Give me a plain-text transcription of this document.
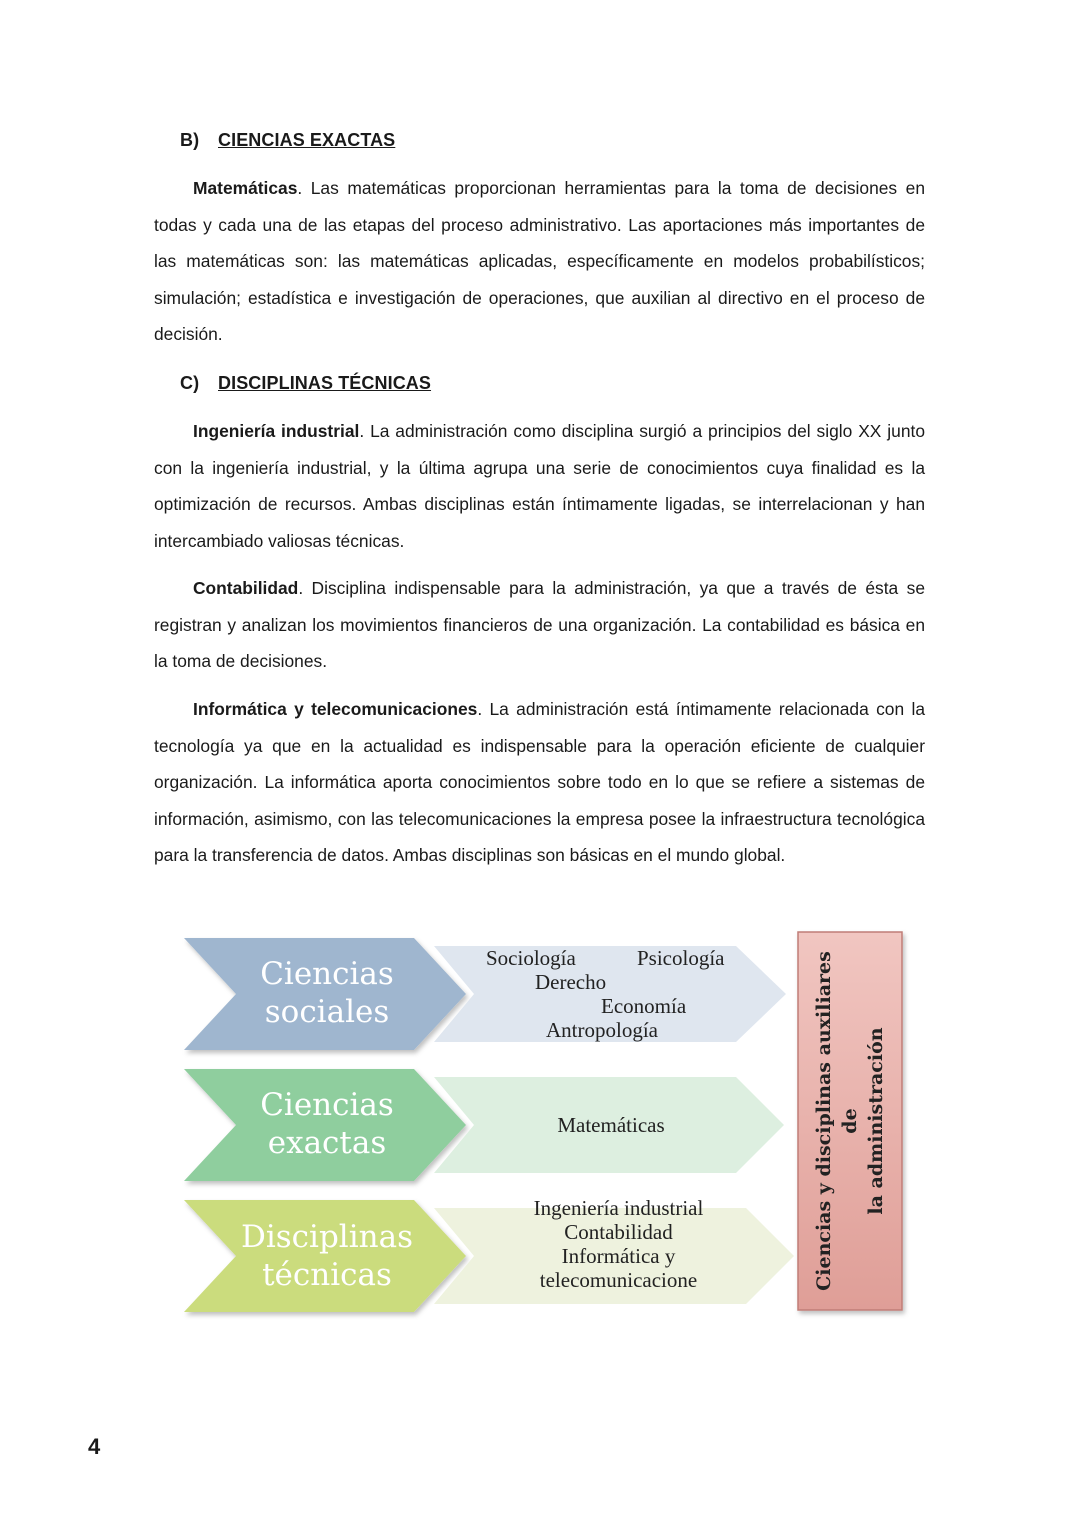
B) CIENCIAS EXACTAS

Matemáticas. Las matemáticas proporcionan herramientas para la toma de decisiones en todas y cada una de las etapas del proceso administrativo. Las aportaciones más importantes de las matemáticas son: las matemáticas aplicadas, específicamente en modelos probabilísticos; simulación; estadística e investigación de operaciones, que auxilian al directivo en el proceso de decisión.

C) DISCIPLINAS TÉCNICAS

Ingeniería industrial. La administración como disciplina surgió a principios del siglo XX junto con la ingeniería industrial, y la última agrupa una serie de conocimientos cuya finalidad es la optimización de recursos. Ambas disciplinas están íntimamente ligadas, se interrelacionan y han intercambiado valiosas técnicas.

Contabilidad. Disciplina indispensable para la administración, ya que a través de ésta se registran y analizan los movimientos financieros de una organización. La contabilidad es básica en la toma de decisiones.

Informática y telecomunicaciones. La administración está íntimamente relacionada con la tecnología ya que en la actualidad es indispensable para la operación eficiente de cualquier organización. La informática aporta conocimientos sobre todo en lo que se refiere a sistemas de información, asimismo, con las telecomunicaciones la empresa posee la infraestructura tecnológica para la transferencia de datos. Ambas disciplinas son básicas en el mundo global.

Ciencias
sociales
Sociología	Psicología
Derecho
Economía
Antropología
Ciencias
exactas	Matemáticas
Disciplinas
técnicas
Ingeniería industrial
Contabilidad
Informática y
telecomunicacione	Ciencias y disciplinas auxiliares de la administración
4
